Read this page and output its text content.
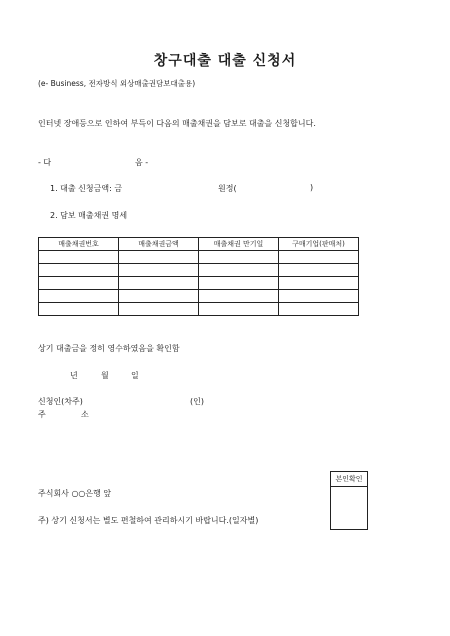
창구대출 대출 신청서
(e- Business, 전자방식 외상매출권담보대출용)
인터넷 장애등으로 인하여 부득이 다음의 매출채권을 담보로 대출을 신청합니다.
- 다	음 -
1. 대출 신청금액: 금	원정(	)
2. 담보 매출채권 명세
매출채권번호	매출채권금액	매출채권 만기일	구매기업(판매처)

상기 대출금을 정히 영수하였음을 확인함
년	월	일
신청인(차주)	(인)
주	소
주식회사 ○○은행 앞
본인확인
주) 상기 신청서는 별도 편철하여 관리하시기 바랍니다.(일자별)
